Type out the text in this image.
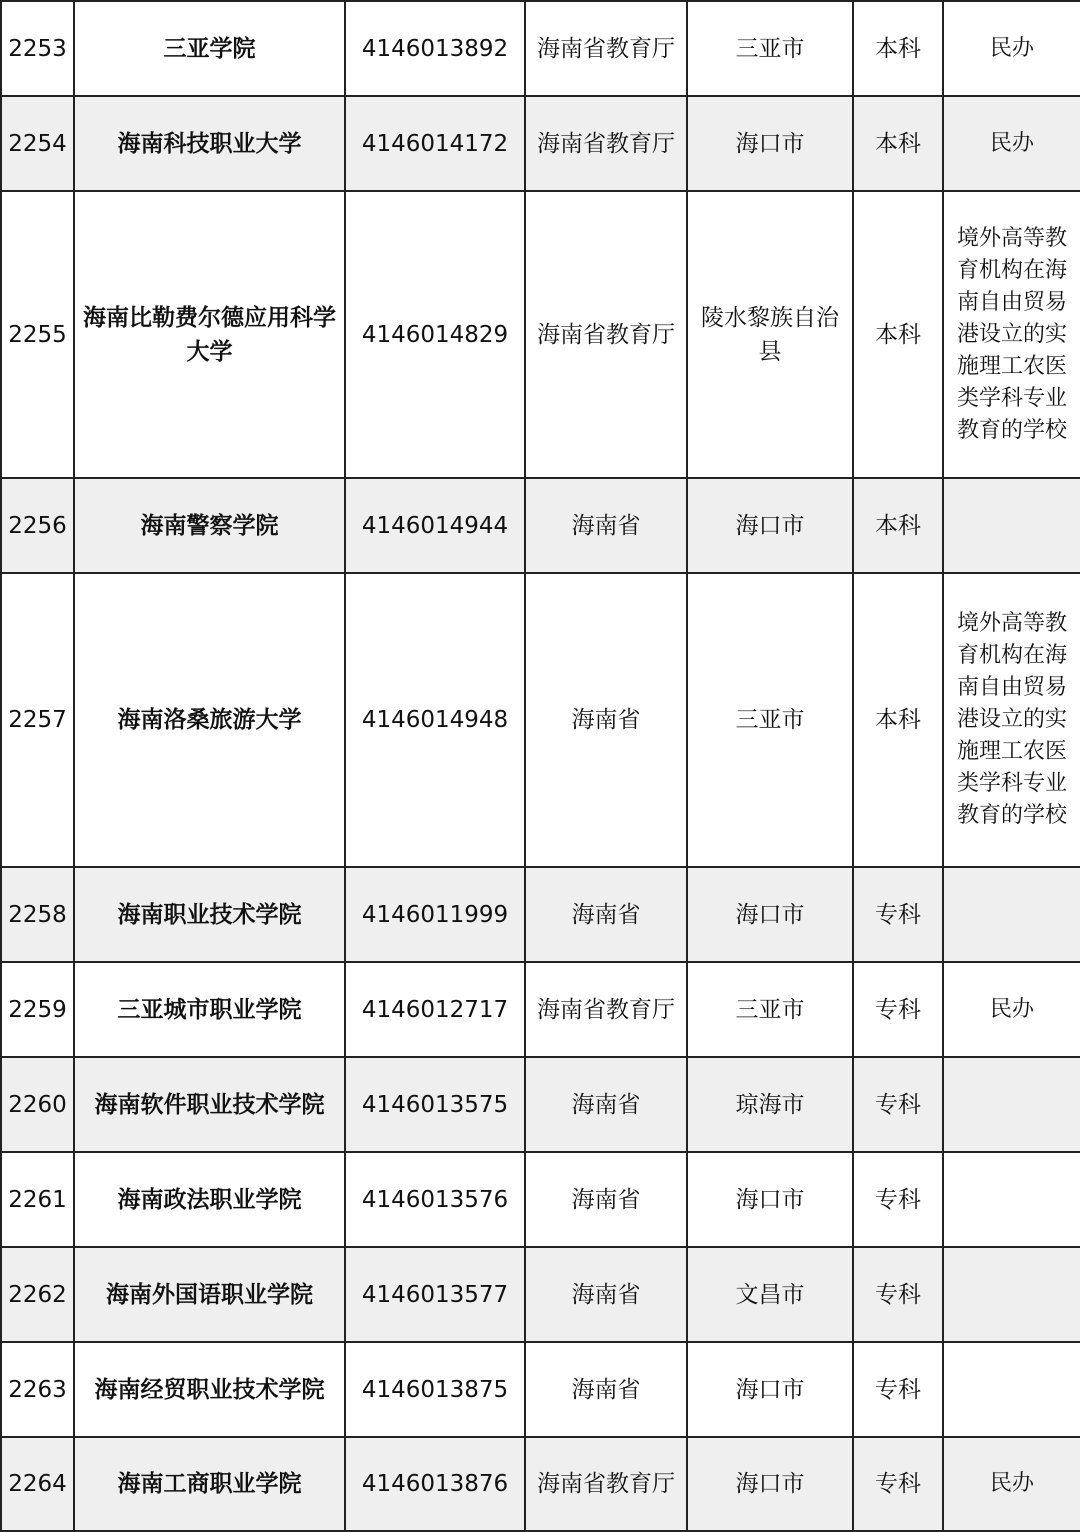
2253	三亚学院	4146013892	海南省教育厅	三亚市	本科	民办
2254	海南科技职业大学	4146014172	海南省教育厅	海口市	本科	民办
2255	海南比勒费尔德应用科学大学	4146014829	海南省教育厅	陵水黎族自治县	本科	境外高等教育机构在海南自由贸易港设立的实施理工农医类学科专业教育的学校
2256	海南警察学院	4146014944	海南省	海口市	本科	
2257	海南洛桑旅游大学	4146014948	海南省	三亚市	本科	境外高等教育机构在海南自由贸易港设立的实施理工农医类学科专业教育的学校
2258	海南职业技术学院	4146011999	海南省	海口市	专科	
2259	三亚城市职业学院	4146012717	海南省教育厅	三亚市	专科	民办
2260	海南软件职业技术学院	4146013575	海南省	琼海市	专科	
2261	海南政法职业学院	4146013576	海南省	海口市	专科	
2262	海南外国语职业学院	4146013577	海南省	文昌市	专科	
2263	海南经贸职业技术学院	4146013875	海南省	海口市	专科	
2264	海南工商职业学院	4146013876	海南省教育厅	海口市	专科	民办
